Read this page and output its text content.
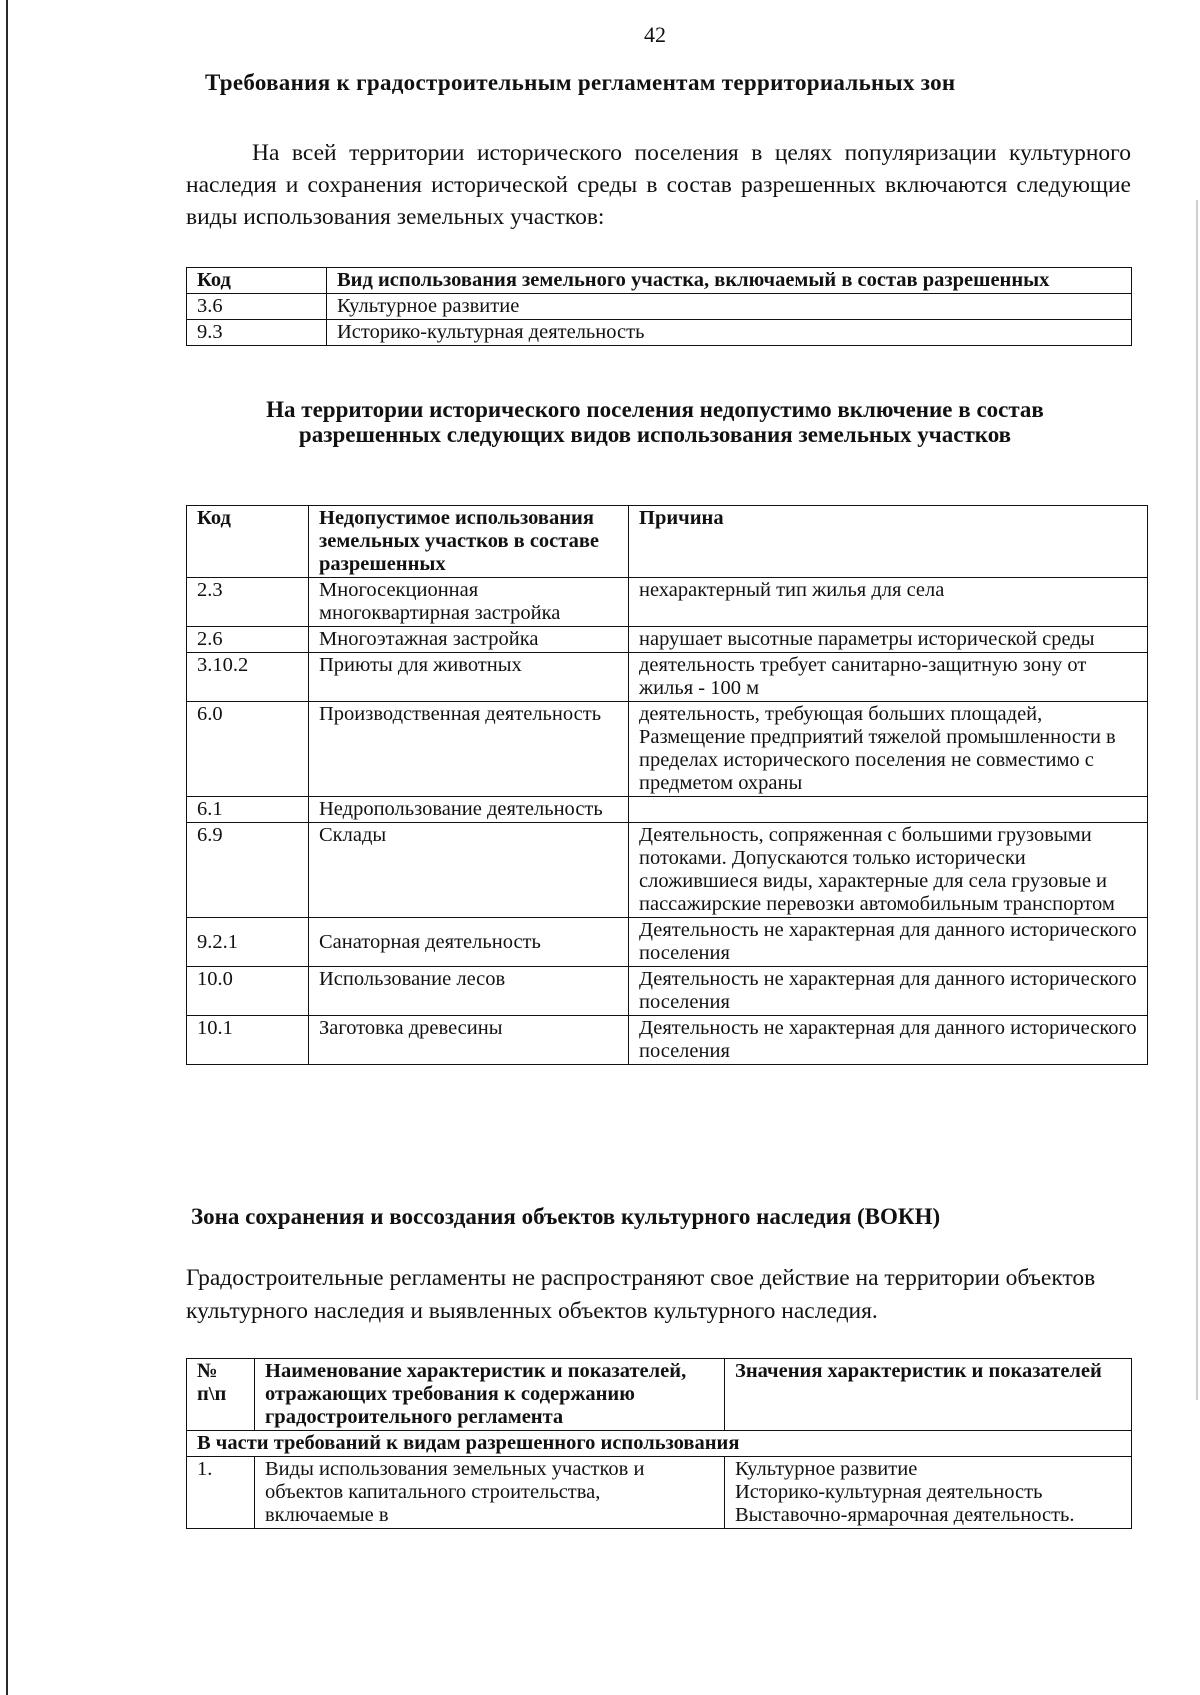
42
Требования к градостроительным регламентам территориальных зон
На всей территории исторического поселения в целях популяризации культурного наследия и сохранения исторической среды в состав разрешенных включаются следующие виды использования земельных участков:
Код	Вид использования земельного участка, включаемый в состав разрешенных
3.6	Культурное развитие
9.3	Историко-культурная деятельность
На территории исторического поселения недопустимо включение в состав разрешенных следующих видов использования земельных участков
Код	Недопустимое использования земельных участков в составе разрешенных	Причина
2.3	Многосекционная многоквартирная застройка	нехарактерный тип жилья для села
2.6	Многоэтажная застройка	нарушает высотные параметры исторической среды
3.10.2	Приюты для животных	деятельность требует санитарно-защитную зону от жилья - 100 м
6.0	Производственная деятельность	деятельность, требующая больших площадей, Размещение предприятий тяжелой промышленности в пределах исторического поселения не совместимо с предметом охраны
6.1	Недропользование деятельность	
6.9	Склады	Деятельность, сопряженная с большими грузовыми потоками. Допускаются только исторически сложившиеся виды, характерные для села грузовые и пассажирские перевозки автомобильным транспортом
9.2.1	Санаторная деятельность	Деятельность не характерная для данного исторического поселения
10.0	Использование лесов	Деятельность не характерная для данного исторического поселения
10.1	Заготовка древесины	Деятельность не характерная для данного исторического поселения
Зона сохранения и воссоздания объектов культурного наследия (ВОКН)
Градостроительные регламенты не распространяют свое действие на территории объектов культурного наследия и выявленных объектов культурного наследия.
№ п\п	Наименование характеристик и показателей, отражающих требования к содержанию градостроительного регламента	Значения характеристик и показателей
В части требований к видам разрешенного использования		
1.	Виды использования земельных участков и объектов капитального строительства, включаемые в	Культурное развитие
Историко-культурная деятельность
Выставочно-ярмарочная деятельность.
